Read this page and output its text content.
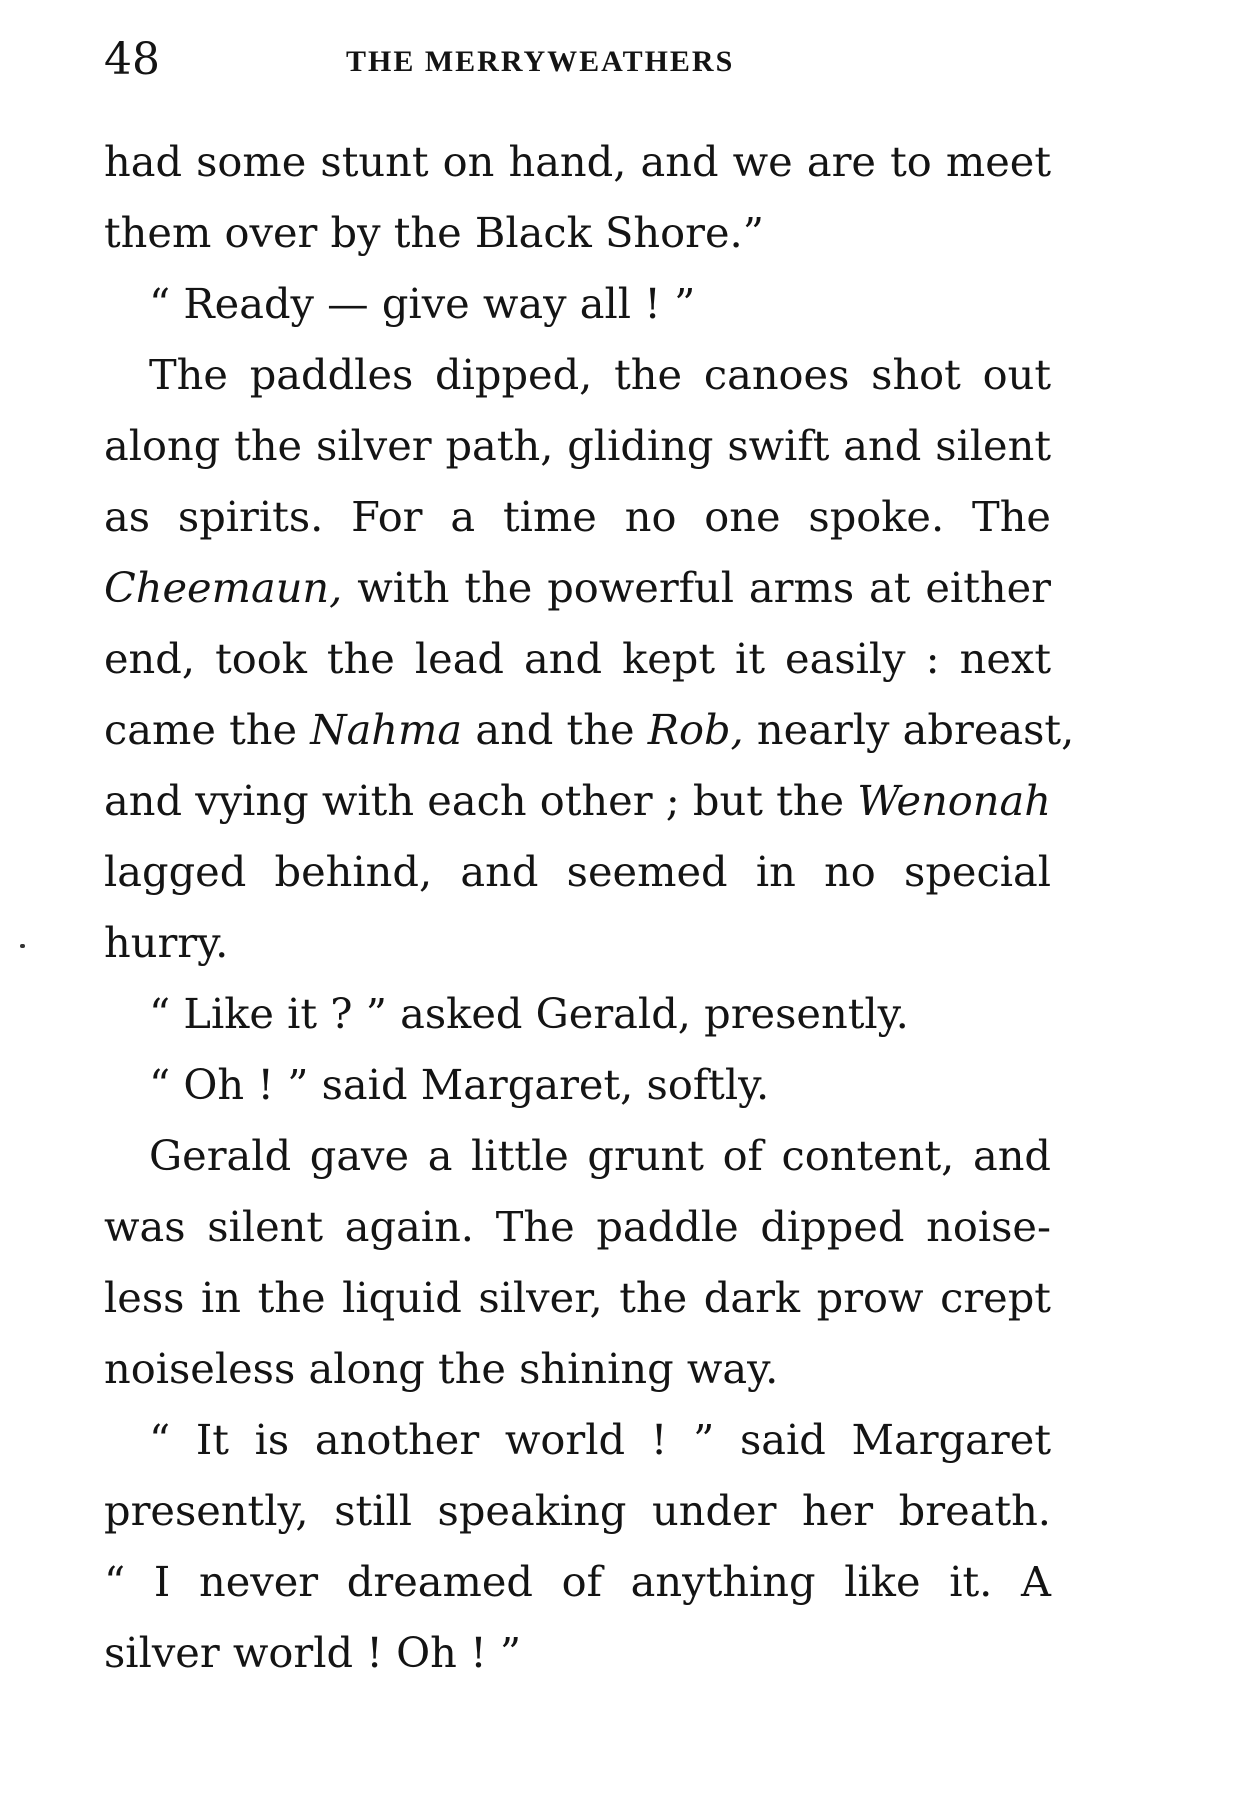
48	THE MERRYWEATHERS
had some stunt on hand, and we are to meet
them over by the Black Shore.”
“ Ready — give way all ! ”
The paddles dipped, the canoes shot out
along the silver path, gliding swift and silent
as spirits. For a time no one spoke. The
Cheemaun, with the powerful arms at either
end, took the lead and kept it easily : next
came the Nahma and the Rob, nearly abreast,
and vying with each other ; but the Wenonah
lagged behind, and seemed in no special
hurry.
“ Like it ? ” asked Gerald, presently.
“ Oh ! ” said Margaret, softly.
Gerald gave a little grunt of content, and
was silent again. The paddle dipped noise-
less in the liquid silver, the dark prow crept
noiseless along the shining way.
“ It is another world ! ” said Margaret
presently, still speaking under her breath.
“ I never dreamed of anything like it. A
silver world ! Oh ! ”
